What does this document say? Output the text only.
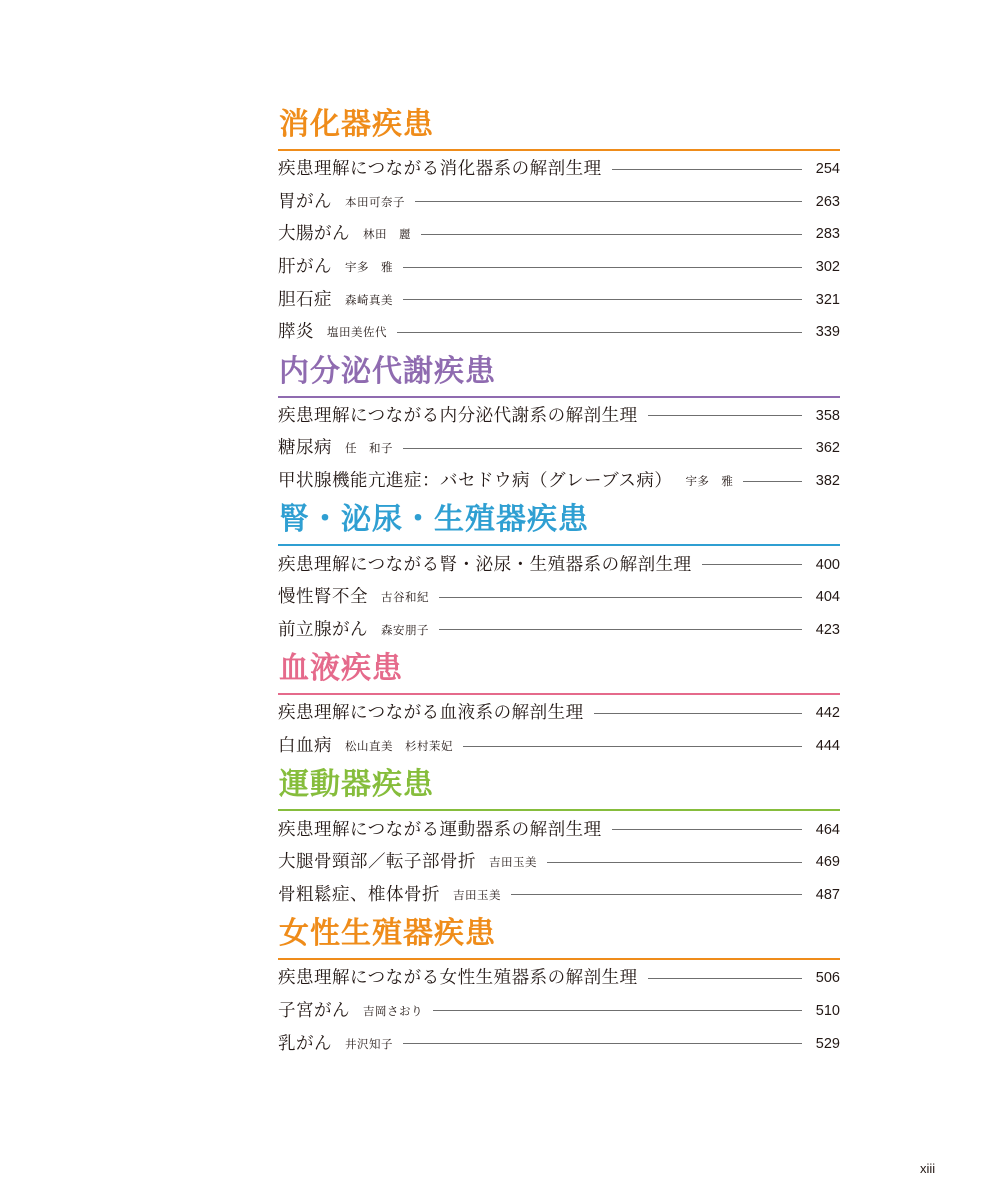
消化器疾患
疾患理解につながる消化器系の解剖生理	254
胃がん 本田可奈子	263
大腸がん 林田　麗	283
肝がん 宇多　雅	302
胆石症 森崎真美	321
膵炎 塩田美佐代	339
内分泌代謝疾患
疾患理解につながる内分泌代謝系の解剖生理	358
糖尿病 任　和子	362
甲状腺機能亢進症：バセドウ病（グレーブス病） 宇多　雅	382
腎・泌尿・生殖器疾患
疾患理解につながる腎・泌尿・生殖器系の解剖生理	400
慢性腎不全 古谷和紀	404
前立腺がん 森安朋子	423
血液疾患
疾患理解につながる血液系の解剖生理	442
白血病 松山直美　杉村茉妃	444
運動器疾患
疾患理解につながる運動器系の解剖生理	464
大腿骨頸部／転子部骨折 吉田玉美	469
骨粗鬆症、椎体骨折 吉田玉美	487
女性生殖器疾患
疾患理解につながる女性生殖器系の解剖生理	506
子宮がん 吉岡さおり	510
乳がん 井沢知子	529
xiii
